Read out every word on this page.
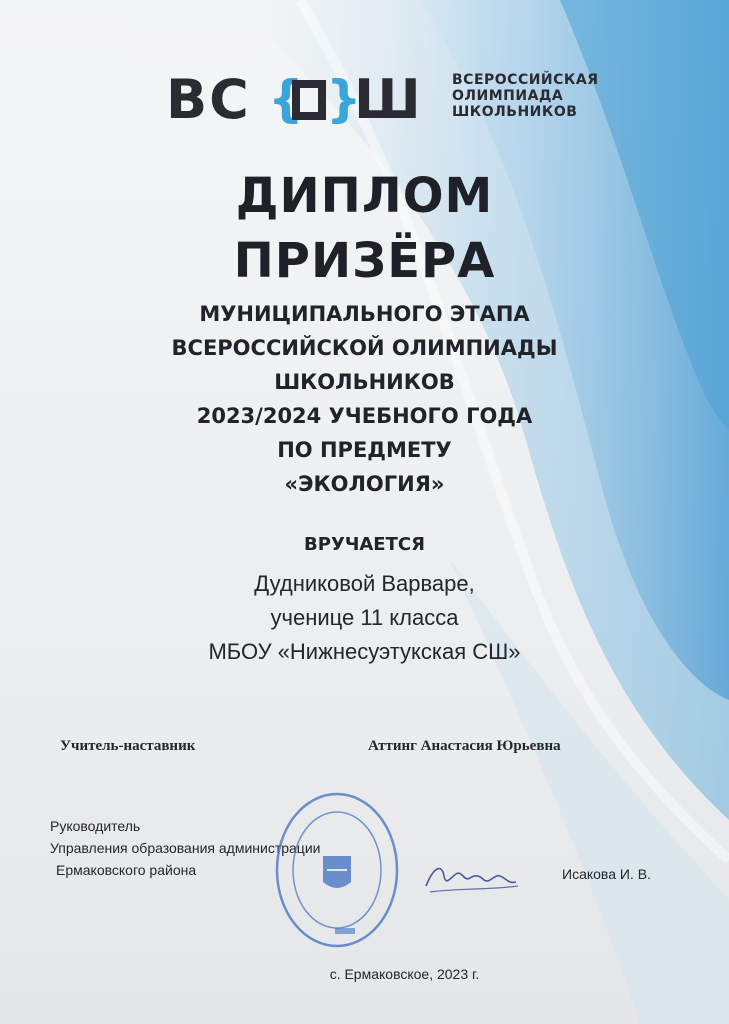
ВС { }
Ш ВСЕРОССИЙСКАЯ
ОЛИМПИАДА
ШКОЛЬНИКОВ
ДИПЛОМ
ПРИЗЁРА
МУНИЦИПАЛЬНОГО ЭТАПА
ВСЕРОССИЙСКОЙ ОЛИМПИАДЫ
ШКОЛЬНИКОВ
2023/2024 УЧЕБНОГО ГОДА
ПО ПРЕДМЕТУ
«ЭКОЛОГИЯ»
ВРУЧАЕТСЯ
Дудниковой Варваре,
ученице 11 класса
МБОУ «Нижнесуэтукская СШ»
Учитель-наставник	Аттинг Анастасия Юрьевна
Руководитель
Управления образования администрации
Ермаковского района	Исакова И. В.
с. Ермаковское, 2023 г.
